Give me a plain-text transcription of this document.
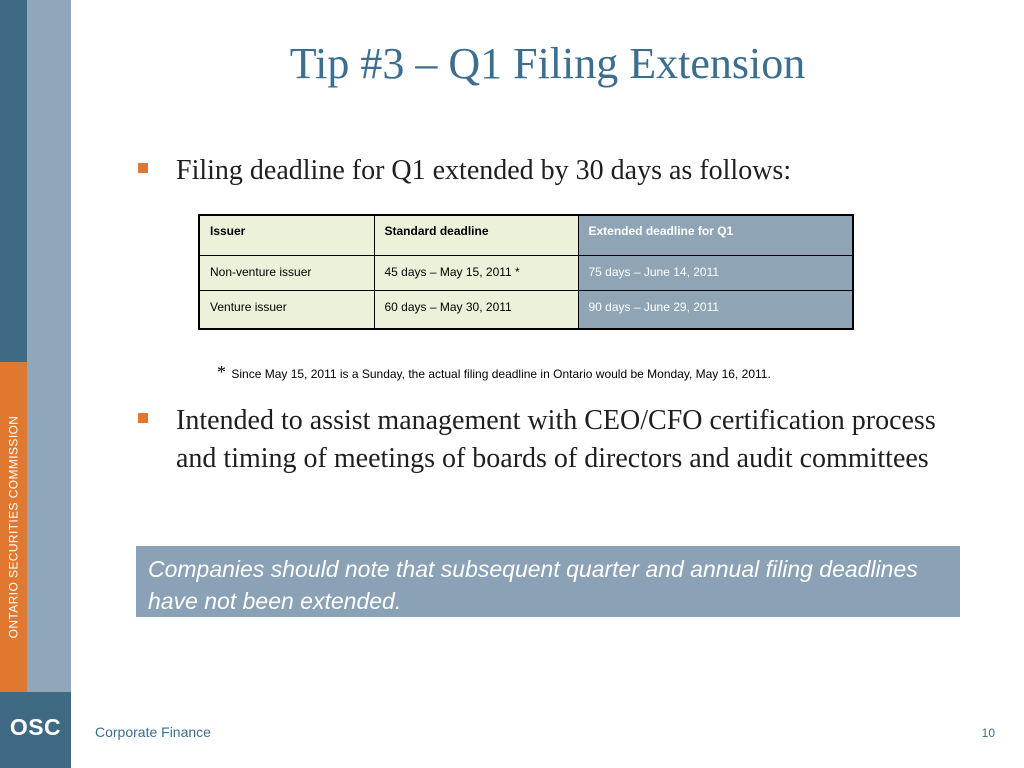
ONTARIO SECURITIES COMMISSION
OSC
Tip #3 – Q1 Filing Extension
Filing deadline for Q1 extended by 30 days as follows:
Issuer	Standard deadline	Extended deadline for Q1
Non-venture issuer	45 days – May 15, 2011 *	75 days – June 14, 2011
Venture issuer	60 days – May 30, 2011	90 days – June 29, 2011
* Since May 15, 2011 is a Sunday, the actual filing deadline in Ontario would be Monday, May 16, 2011.
Intended to assist management with CEO/CFO certification process and timing of meetings of boards of directors and audit committees
Companies should note that subsequent quarter and annual filing deadlines have not been extended.
Corporate Finance	10
